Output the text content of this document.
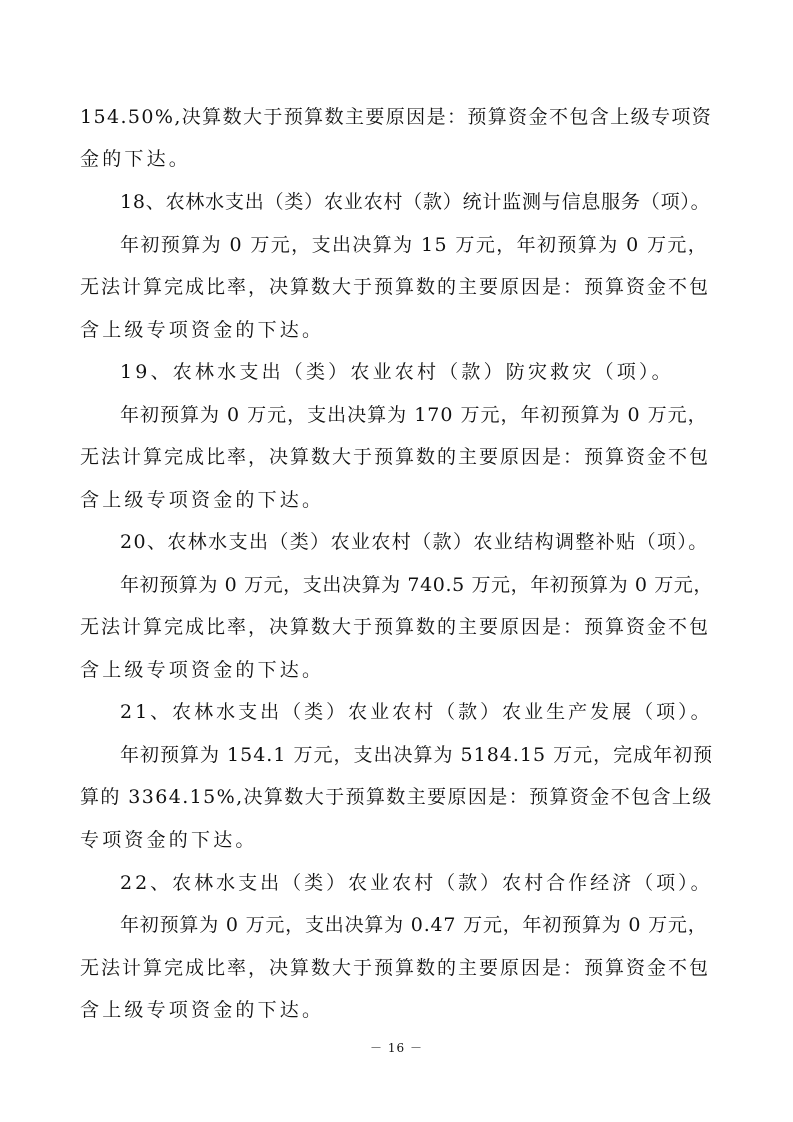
154.50%,决算数大于预算数主要原因是：预算资金不包含上级专项资
金的下达。
18、农林水支出（类）农业农村（款）统计监测与信息服务（项）。
年初预算为 0 万元，支出决算为 15 万元，年初预算为 0 万元，
无法计算完成比率，决算数大于预算数的主要原因是：预算资金不包
含上级专项资金的下达。
19、农林水支出（类）农业农村（款）防灾救灾（项）。
年初预算为 0 万元，支出决算为 170 万元，年初预算为 0 万元，
无法计算完成比率，决算数大于预算数的主要原因是：预算资金不包
含上级专项资金的下达。
20、农林水支出（类）农业农村（款）农业结构调整补贴（项）。
年初预算为 0 万元，支出决算为 740.5 万元，年初预算为 0 万元，
无法计算完成比率，决算数大于预算数的主要原因是：预算资金不包
含上级专项资金的下达。
21、农林水支出（类）农业农村（款）农业生产发展（项）。
年初预算为 154.1 万元，支出决算为 5184.15 万元，完成年初预
算的 3364.15%,决算数大于预算数主要原因是：预算资金不包含上级
专项资金的下达。
22、农林水支出（类）农业农村（款）农村合作经济（项）。
年初预算为 0 万元，支出决算为 0.47 万元，年初预算为 0 万元，
无法计算完成比率，决算数大于预算数的主要原因是：预算资金不包
含上级专项资金的下达。
－ 16 －
